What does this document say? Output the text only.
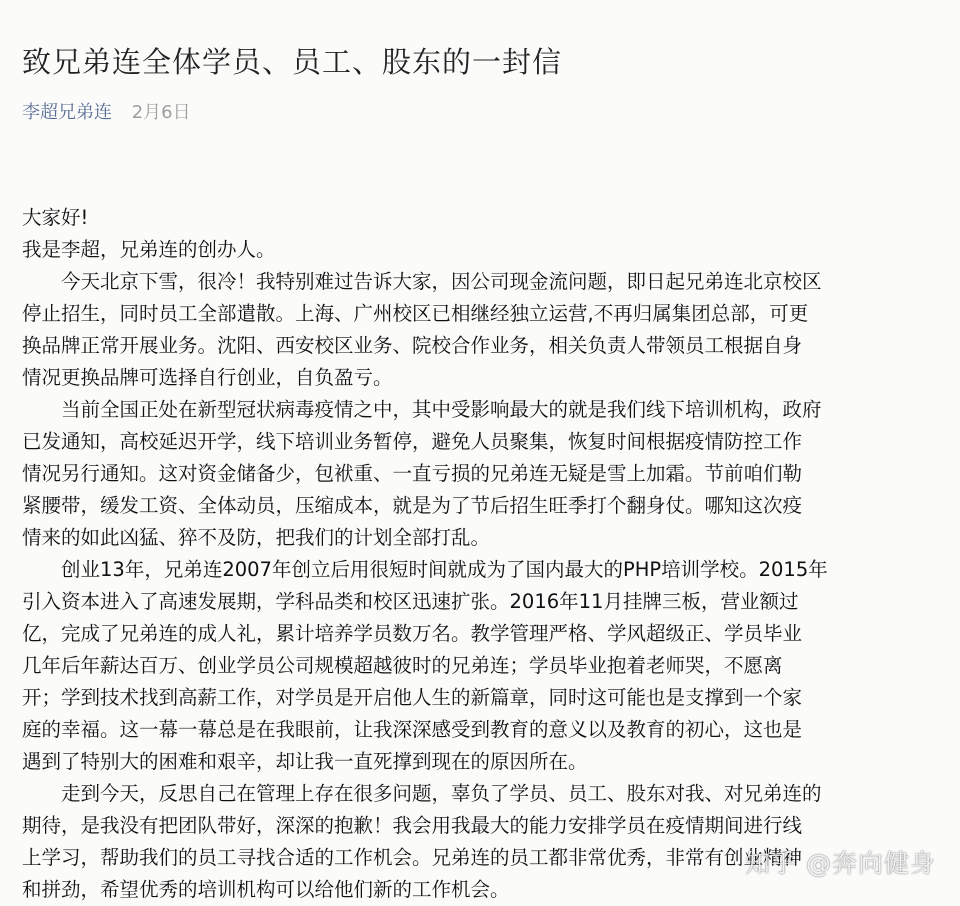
致兄弟连全体学员、员工、股东的一封信
李超兄弟连 2月6日

大家好!

我是李超，兄弟连的创办人。

今天北京下雪，很冷！我特别难过告诉大家，因公司现金流问题，即日起兄弟连北京校区
停止招生，同时员工全部遣散。上海、广州校区已相继经独立运营,不再归属集团总部，可更
换品牌正常开展业务。沈阳、西安校区业务、院校合作业务，相关负责人带领员工根据自身
情况更换品牌可选择自行创业，自负盈亏。
当前全国正处在新型冠状病毒疫情之中，其中受影响最大的就是我们线下培训机构，政府
已发通知，高校延迟开学，线下培训业务暂停，避免人员聚集，恢复时间根据疫情防控工作
情况另行通知。这对资金储备少，包袱重、一直亏损的兄弟连无疑是雪上加霜。节前咱们勒
紧腰带，缓发工资、全体动员，压缩成本，就是为了节后招生旺季打个翻身仗。哪知这次疫
情来的如此凶猛、猝不及防，把我们的计划全部打乱。
创业13年，兄弟连2007年创立后用很短时间就成为了国内最大的PHP培训学校。2015年
引入资本进入了高速发展期，学科品类和校区迅速扩张。2016年11月挂牌三板，营业额过
亿，完成了兄弟连的成人礼，累计培养学员数万名。教学管理严格、学风超级正、学员毕业
几年后年薪达百万、创业学员公司规模超越彼时的兄弟连；学员毕业抱着老师哭，不愿离
开；学到技术找到高薪工作，对学员是开启他人生的新篇章，同时这可能也是支撑到一个家
庭的幸福。这一幕一幕总是在我眼前，让我深深感受到教育的意义以及教育的初心，这也是
遇到了特别大的困难和艰辛，却让我一直死撑到现在的原因所在。
走到今天，反思自己在管理上存在很多问题，辜负了学员、员工、股东对我、对兄弟连的
期待，是我没有把团队带好，深深的抱歉！我会用我最大的能力安排学员在疫情期间进行线
上学习，帮助我们的员工寻找合适的工作机会。兄弟连的员工都非常优秀，非常有创业精神
和拼劲，希望优秀的培训机构可以给他们新的工作机会。
知乎 @奔向健身
